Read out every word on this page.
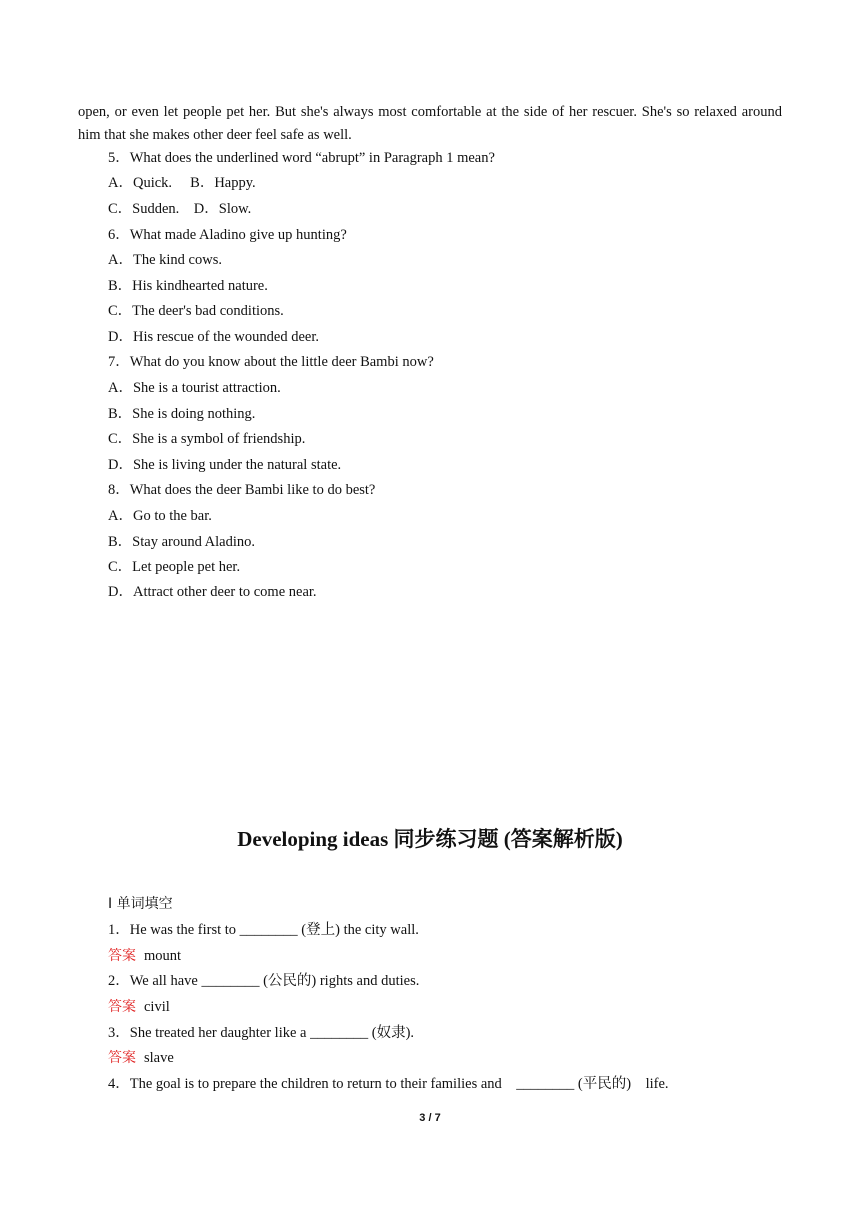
open, or even let people pet her. But she's always most comfortable at the side of her rescuer. She's so relaxed around him that she makes other deer feel safe as well.
5．What does the underlined word “abrupt” in Paragraph 1 mean?
A．Quick.     B．Happy.
C．Sudden.    D．Slow.
6．What made Aladino give up hunting?
A．The kind cows.
B．His kindhearted nature.
C．The deer's bad conditions.
D．His rescue of the wounded deer.
7．What do you know about the little deer Bambi now?
A．She is a tourist attraction.
B．She is doing nothing.
C．She is a symbol of friendship.
D．She is living under the natural state.
8．What does the deer Bambi like to do best?
A．Go to the bar.
B．Stay around Aladino.
C．Let people pet her.
D．Attract other deer to come near.
Developing ideas 同步练习题 (答案解析版)
Ⅰ 单词填空
1．He was the first to ________ (登上) the city wall.
答案 mount
2．We all have ________ (公民的) rights and duties.
答案 civil
3．She treated her daughter like a ________ (奴隶).
答案 slave
4．The goal is to prepare the children to return to their families and    ________ (平民的)    life.
3 / 7
